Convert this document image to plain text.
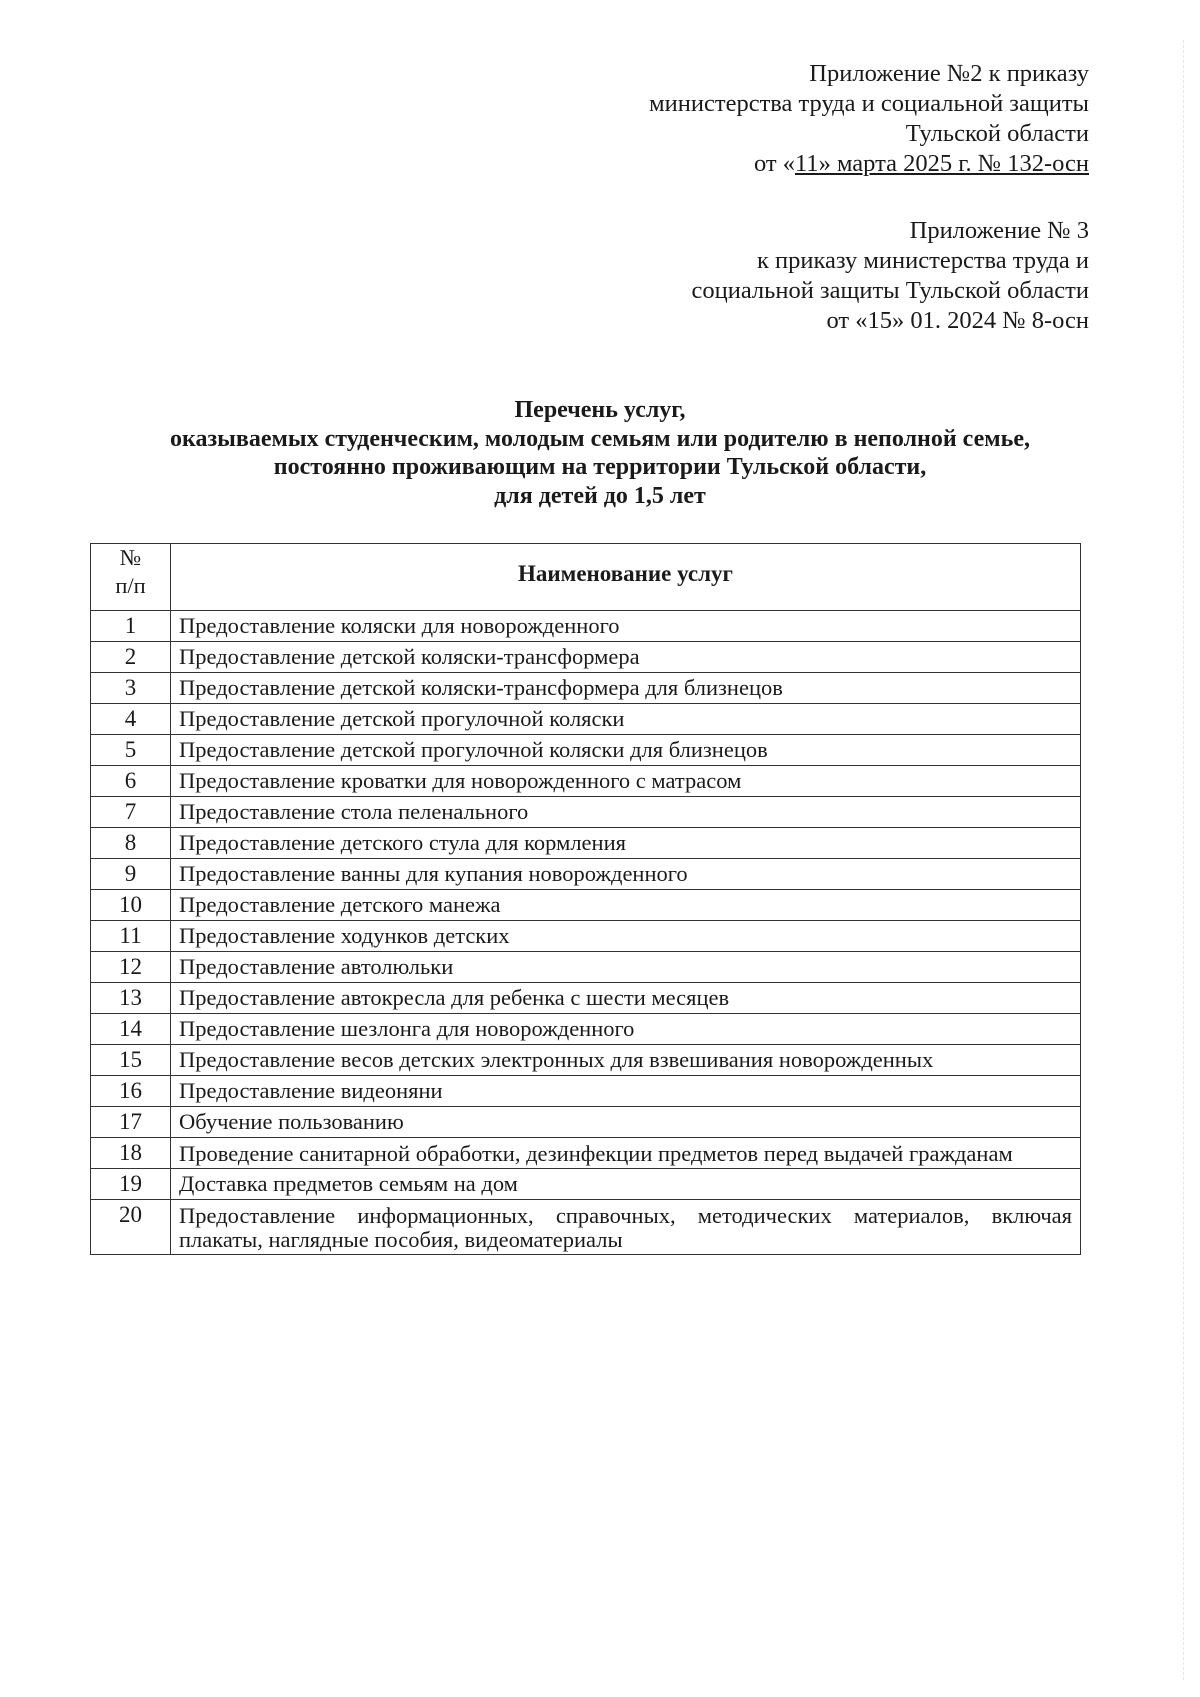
Приложение №2 к приказу
министерства труда и социальной защиты
Тульской области
от «11» марта 2025 г. № 132-осн
Приложение № 3
к приказу министерства труда и
социальной защиты Тульской области
от «15» 01. 2024 № 8-осн
Перечень услуг,
оказываемых студенческим, молодым семьям или родителю в неполной семье,
постоянно проживающим на территории Тульской области,
для детей до 1,5 лет
№
п/п	Наименование услуг
1	Предоставление коляски для новорожденного
2	Предоставление детской коляски-трансформера
3	Предоставление детской коляски-трансформера для близнецов
4	Предоставление детской прогулочной коляски
5	Предоставление детской прогулочной коляски для близнецов
6	Предоставление кроватки для новорожденного с матрасом
7	Предоставление стола пеленального
8	Предоставление детского стула для кормления
9	Предоставление ванны для купания новорожденного
10	Предоставление детского манежа
11	Предоставление ходунков детских
12	Предоставление автолюльки
13	Предоставление автокресла для ребенка с шести месяцев
14	Предоставление шезлонга для новорожденного
15	Предоставление весов детских электронных для взвешивания новорожденных
16	Предоставление видеоняни
17	Обучение пользованию
18	Проведение санитарной обработки, дезинфекции предметов перед выдачей гражданам
19	Доставка предметов семьям на дом
20	Предоставление информационных, справочных, методических материалов, включая плакаты, наглядные пособия, видеоматериалы
